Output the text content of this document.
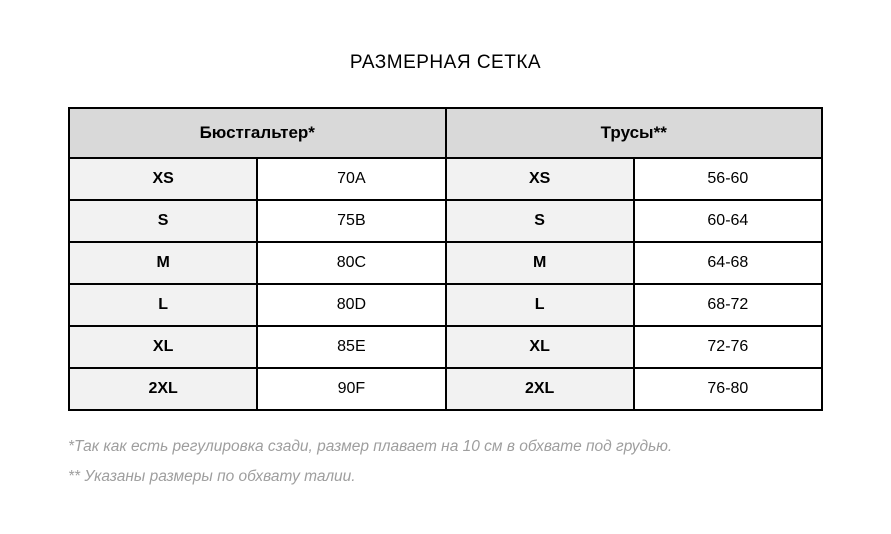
РАЗМЕРНАЯ СЕТКА
Бюстгальтер*		Трусы**	
XS	70A	XS	56-60
S	75B	S	60-64
M	80C	M	64-68
L	80D	L	68-72
XL	85E	XL	72-76
2XL	90F	2XL	76-80
*Так как есть регулировка сзади, размер плавает на 10 см в обхвате под грудью.
** Указаны размеры по обхвату талии.
